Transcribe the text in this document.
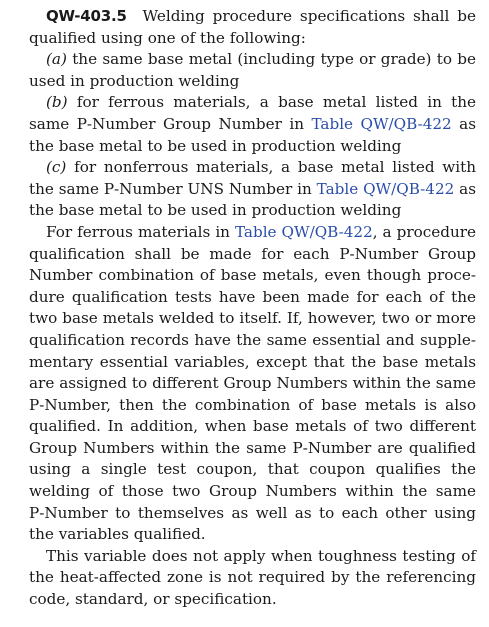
QW-403.5 Welding procedure specifications shall be qualified using one of the following:

(a) the same base metal (including type or grade) to be used in production welding

(b) for ferrous materials, a base metal listed in the same P‑Number Group Number in Table QW/QB-422 as the base metal to be used in production welding

(c) for nonferrous materials, a base metal listed with the same P‑Number UNS Number in Table QW/QB-422 as the base metal to be used in production welding

For ferrous materials in Table QW/QB-422, a procedure qualification shall be made for each P‑Number Group Number combination of base metals, even though procedure qualification tests have been made for each of the two base metals welded to itself. If, however, two or more qualification records have the same essential and supplementary essential variables, except that the base metals are assigned to different Group Numbers within the same P‑Number, then the combination of base metals is also qualified. In addition, when base metals of two different Group Numbers within the same P‑Number are qualified using a single test coupon, that coupon qualifies the welding of those two Group Numbers within the same P‑Number to themselves as well as to each other using the variables qualified.

This variable does not apply when toughness testing of the heat-affected zone is not required by the referencing code, standard, or specification.
